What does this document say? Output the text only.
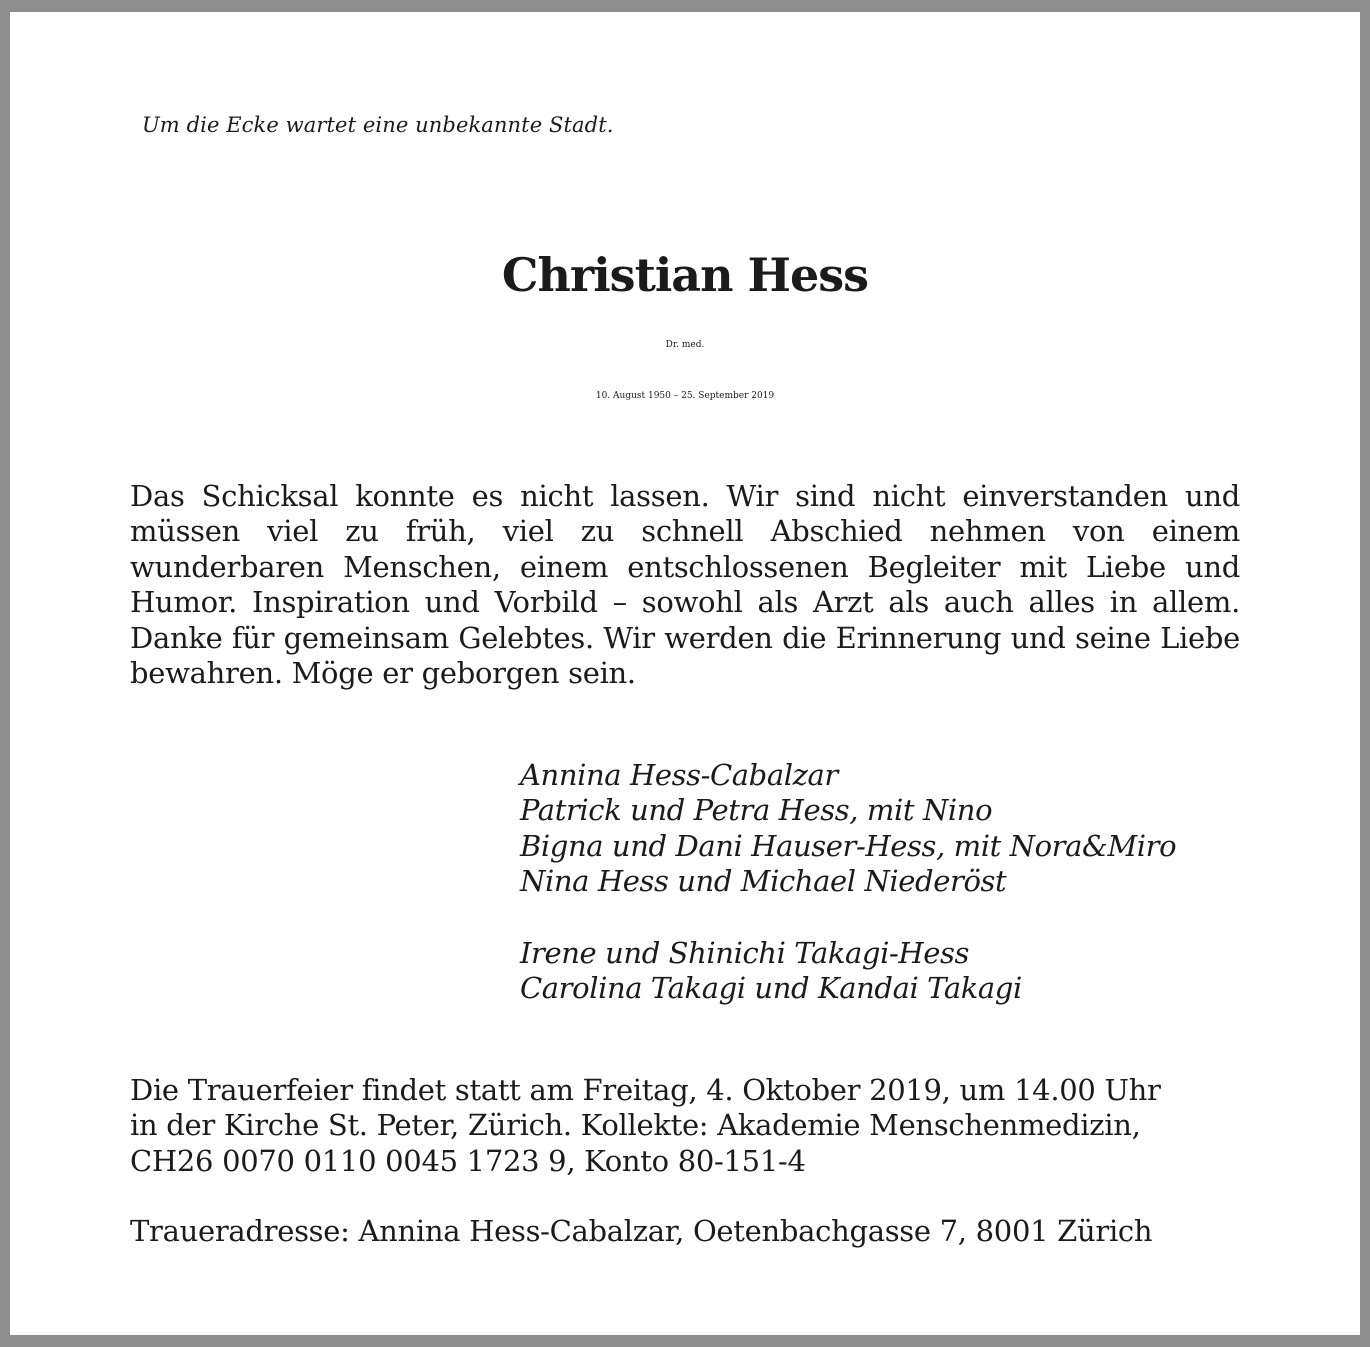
Um die Ecke wartet eine unbekannte Stadt.
Christian Hess
Dr. med.
10. August 1950 – 25. September 2019
Das Schicksal konnte es nicht lassen. Wir sind nicht einverstanden und müssen viel zu früh, viel zu schnell Abschied nehmen von einem wunderbaren Menschen, einem entschlossenen Begleiter mit Liebe und Humor. Inspiration und Vorbild – sowohl als Arzt als auch alles in allem. Danke für gemeinsam Gelebtes. Wir werden die Erinnerung und seine Liebe bewahren. Möge er geborgen sein.
Annina Hess-Cabalzar
Patrick und Petra Hess, mit Nino
Bigna und Dani Hauser-Hess, mit Nora&Miro
Nina Hess und Michael Niederöst
Irene und Shinichi Takagi-Hess
Carolina Takagi und Kandai Takagi
Die Trauerfeier findet statt am Freitag, 4. Oktober 2019, um 14.00 Uhr
in der Kirche St. Peter, Zürich. Kollekte: Akademie Menschenmedizin,
CH26 0070 0110 0045 1723 9, Konto 80-151-4
Traueradresse: Annina Hess-Cabalzar, Oetenbachgasse 7, 8001 Zürich
